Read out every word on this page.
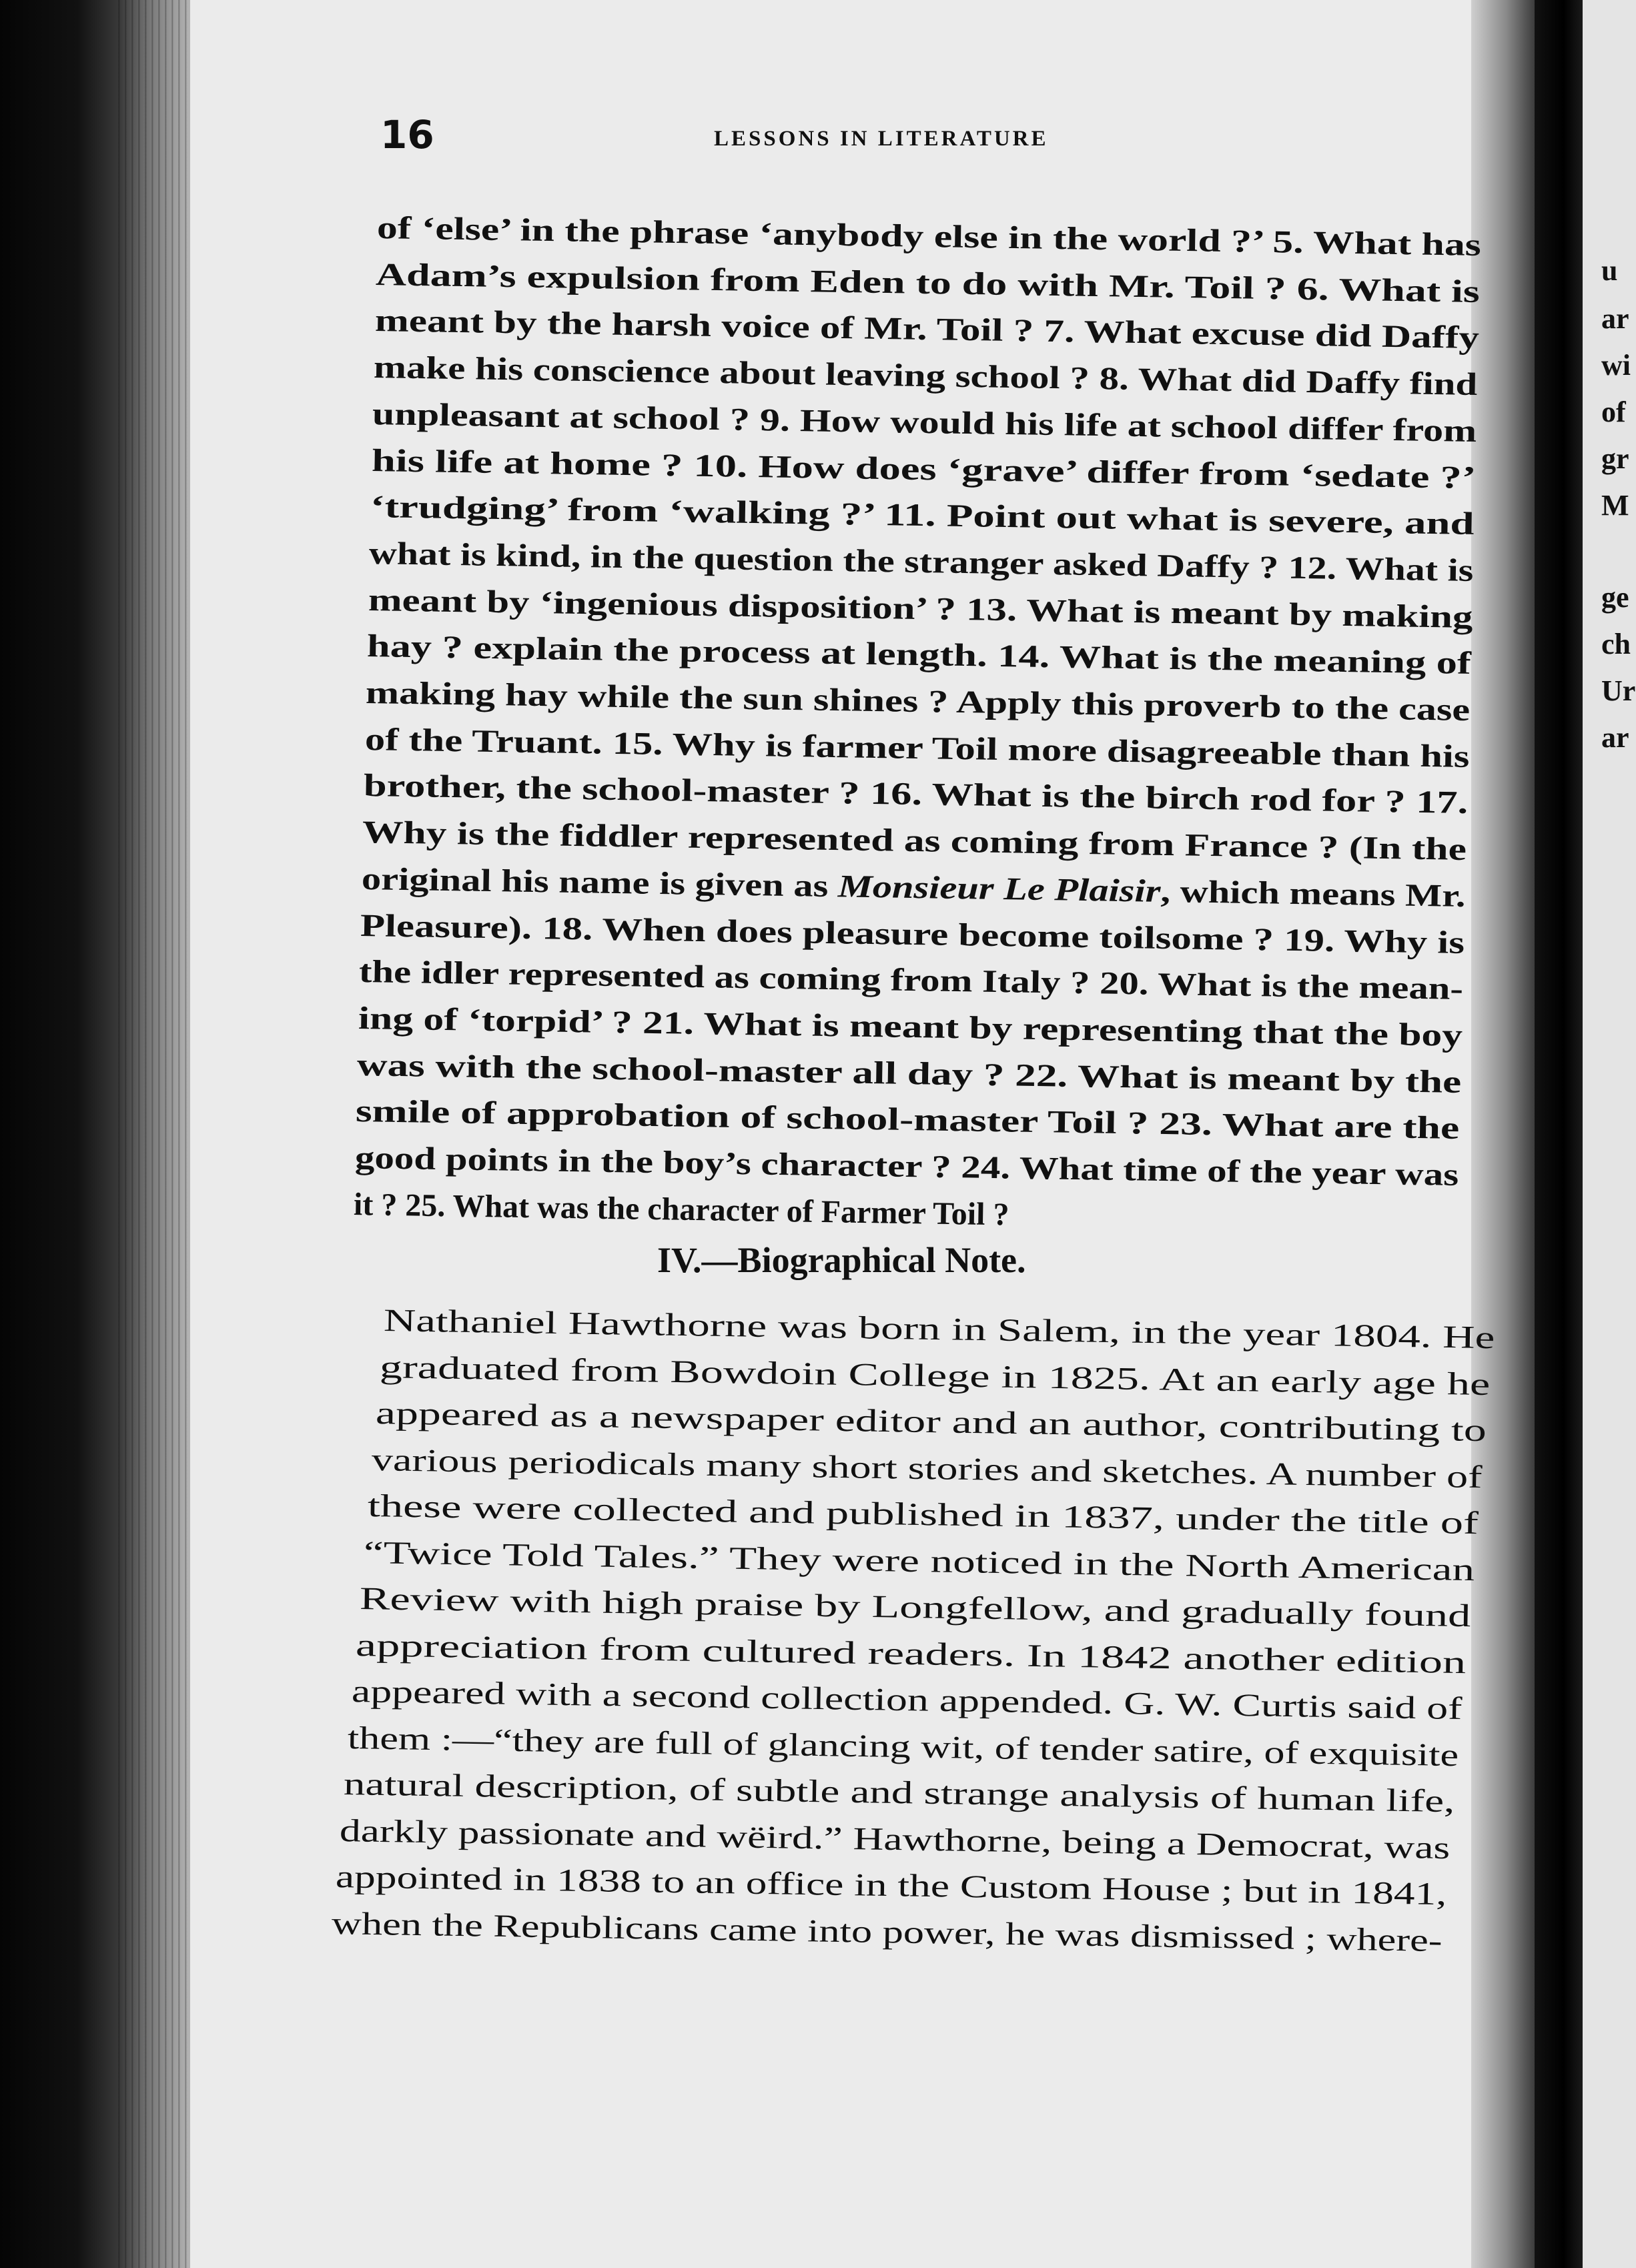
u
ar
wi
of
gr
M
ge
ch
Ur
ar
16	LESSONS IN LITERATURE
of ‘else’ in the phrase ‘anybody else in the world ?’ 5. What has
Adam’s expulsion from Eden to do with Mr. Toil ? 6. What is
meant by the harsh voice of Mr. Toil ? 7. What excuse did Daffy
make his conscience about leaving school ? 8. What did Daffy find
unpleasant at school ? 9. How would his life at school differ from
his life at home ? 10. How does ‘grave’ differ from ‘sedate ?’
‘trudging’ from ‘walking ?’ 11. Point out what is severe, and
what is kind, in the question the stranger asked Daffy ? 12. What is
meant by ‘ingenious disposition’ ? 13. What is meant by making
hay ? explain the process at length. 14. What is the meaning of
making hay while the sun shines ? Apply this proverb to the case
of the Truant. 15. Why is farmer Toil more disagreeable than his
brother, the school-master ? 16. What is the birch rod for ? 17.
Why is the fiddler represented as coming from France ? (In the
original his name is given as Monsieur Le Plaisir, which means Mr.
Pleasure). 18. When does pleasure become toilsome ? 19. Why is
the idler represented as coming from Italy ? 20. What is the mean-
ing of ‘torpid’ ? 21. What is meant by representing that the boy
was with the school-master all day ? 22. What is meant by the
smile of approbation of school-master Toil ? 23. What are the
good points in the boy’s character ? 24. What time of the year was
it ? 25. What was the character of Farmer Toil ?
IV.—Biographical Note.
Nathaniel Hawthorne was born in Salem, in the year 1804. He
graduated from Bowdoin College in 1825. At an early age he
appeared as a newspaper editor and an author, contributing to
various periodicals many short stories and sketches. A number of
these were collected and published in 1837, under the title of
“Twice Told Tales.” They were noticed in the North American
Review with high praise by Longfellow, and gradually found
appreciation from cultured readers. In 1842 another edition
appeared with a second collection appended. G. W. Curtis said of
them :—“they are full of glancing wit, of tender satire, of exquisite
natural description, of subtle and strange analysis of human life,
darkly passionate and wëird.” Hawthorne, being a Democrat, was
appointed in 1838 to an office in the Custom House ; but in 1841,
when the Republicans came into power, he was dismissed ; where-
